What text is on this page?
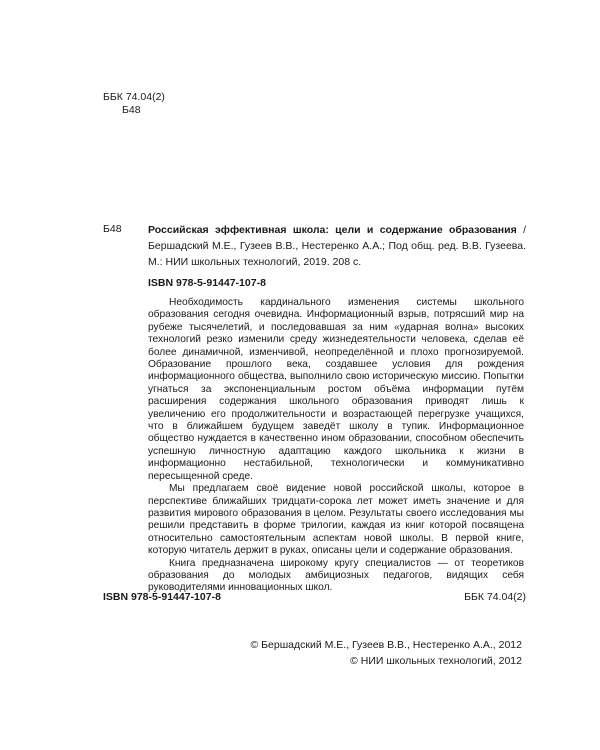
ББК 74.04(2)
Б48
Б48	Российская эффективная школа: цели и содержание образования / Бершадский М.Е., Гузеев В.В., Нестеренко А.А.; Под общ. ред. В.В. Гузеева. М.: НИИ школьных технологий, 2019. 208 с.
ISBN 978-5-91447-107-8

Необходимость кардинального изменения системы школьного образования сегодня очевидна. Информационный взрыв, потрясший мир на рубеже тысячелетий, и последовавшая за ним «ударная волна» высоких технологий резко изменили среду жизнедеятельности человека, сделав её более динамичной, изменчивой, неопределённой и плохо прогнозируемой. Образование прошлого века, создавшее условия для рождения информационного общества, выполнило свою историческую миссию. Попытки угнаться за экспоненциальным ростом объёма информации путём расширения содержания школьного образования приводят лишь к увеличению его продолжительности и возрастающей перегрузке учащихся, что в ближайшем будущем заведёт школу в тупик. Информационное общество нуждается в качественно ином образовании, способном обеспечить успешную личностную адаптацию каждого школьника к жизни в информационно нестабильной, технологически и коммуникативно пересыщенной среде.

Мы предлагаем своё видение новой российской школы, которое в перспективе ближайших тридцати-сорока лет может иметь значение и для развития мирового образования в целом. Результаты своего исследования мы решили представить в форме трилогии, каждая из книг которой посвящена относительно самостоятельным аспектам новой школы. В первой книге, которую читатель держит в руках, описаны цели и содержание образования.

Книга предназначена широкому кругу специалистов — от теоретиков образования до молодых амбициозных педагогов, видящих себя руководителями инновационных школ.

ISBN 978-5-91447-107-8	ББК 74.04(2)
© Бершадский М.Е., Гузеев В.В., Нестеренко А.А., 2012
© НИИ школьных технологий, 2012
